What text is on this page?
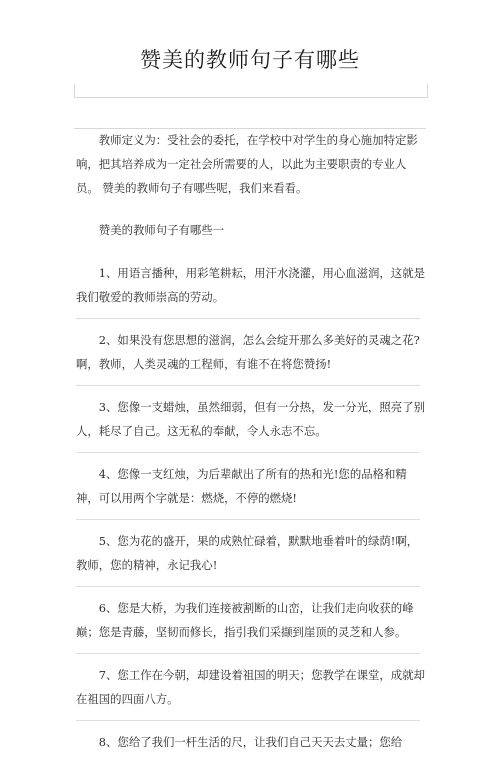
赞美的教师句子有哪些
教师定义为：受社会的委托，在学校中对学生的身心施加特定影响，把其培养成为一定社会所需要的人，以此为主要职责的专业人员。 赞美的教师句子有哪些呢，我们来看看。
赞美的教师句子有哪些一
1、用语言播种，用彩笔耕耘，用汗水浇灌，用心血滋润，这就是我们敬爱的教师崇高的劳动。
2、如果没有您思想的滋润，怎么会绽开那么多美好的灵魂之花?啊，教师，人类灵魂的工程师，有谁不在将您赞扬!
3、您像一支蜡烛，虽然细弱，但有一分热，发一分光，照亮了别人，耗尽了自己。这无私的奉献，令人永志不忘。
4、您像一支红烛，为后辈献出了所有的热和光!您的品格和精神，可以用两个字就是：燃烧，不停的燃烧!
5、您为花的盛开，果的成熟忙碌着，默默地垂着叶的绿荫!啊，教师，您的精神，永记我心!
6、您是大桥，为我们连接被割断的山峦，让我们走向收获的峰巅；您是青藤，坚韧而修长，指引我们采撷到崖顶的灵芝和人参。
7、您工作在今朝，却建设着祖国的明天；您教学在课堂，成就却在祖国的四面八方。
8、您给了我们一杆生活的尺，让我们自己天天去丈量；您给
